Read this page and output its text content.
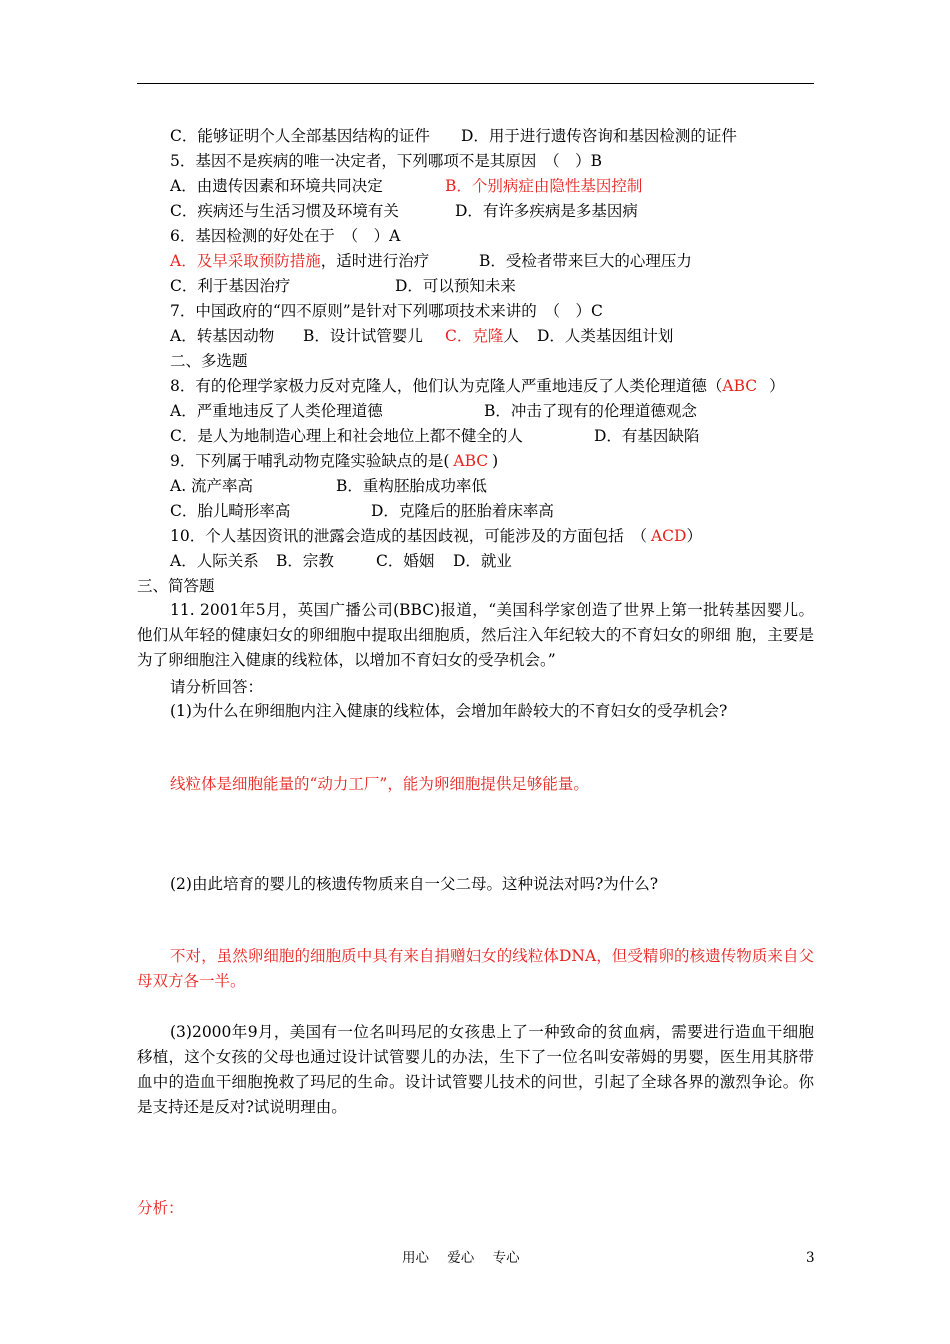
C．能够证明个人全部基因结构的证件 D．用于进行遗传咨询和基因检测的证件
5．基因不是疾病的唯一决定者，下列哪项不是其原因　（　）B
A．由遗传因素和环境共同决定	B．个别病症由隐性基因控制
C．疾病还与生活习惯及环境有关	D．有许多疾病是多基因病
6．基因检测的好处在于　（　）A
A．及早采取预防措施，适时进行治疗	B．受检者带来巨大的心理压力
C．利于基因治疗	D．可以预知未来
7．中国政府的“四不原则”是针对下列哪项技术来讲的　（　）C
A．转基因动物 B．设计试管婴儿 C．克隆人 D．人类基因组计划
二、多选题
8．有的伦理学家极力反对克隆人，他们认为克隆人严重地违反了人类伦理道德（ABC ）
A．严重地违反了人类伦理道德	B．冲击了现有的伦理道德观念
C．是人为地制造心理上和社会地位上都不健全的人	D．有基因缺陷
9．下列属于哺乳动物克隆实验缺点的是( ABC )
A. 流产率高	B．重构胚胎成功率低
C．胎儿畸形率高	D．克隆后的胚胎着床率高
10．个人基因资讯的泄露会造成的基因歧视，可能涉及的方面包括　（ ACD）
A．人际关系 B．宗教	C．婚姻 D．就业
三、简答题
11. 2001年5月，英国广播公司(BBC)报道，“美国科学家创造了世界上第一批转基因婴儿。他们从年轻的健康妇女的卵细胞中提取出细胞质，然后注入年纪较大的不育妇女的卵细 胞，主要是为了卵细胞注入健康的线粒体，以增加不育妇女的受孕机会。”
请分析回答：
(1)为什么在卵细胞内注入健康的线粒体，会增加年龄较大的不育妇女的受孕机会?
线粒体是细胞能量的“动力工厂”，能为卵细胞提供足够能量。
(2)由此培育的婴儿的核遗传物质来自一父二母。这种说法对吗?为什么?
不对，虽然卵细胞的细胞质中具有来自捐赠妇女的线粒体DNA，但受精卵的核遗传物质来自父母双方各一半。
(3)2000年9月，美国有一位名叫玛尼的女孩患上了一种致命的贫血病，需要进行造血干细胞移植，这个女孩的父母也通过设计试管婴儿的办法，生下了一位名叫安蒂姆的男婴，医生用其脐带血中的造血干细胞挽救了玛尼的生命。设计试管婴儿技术的问世，引起了全球各界的激烈争论。你是支持还是反对?试说明理由。
分析：
用心 爱心 专心	3
